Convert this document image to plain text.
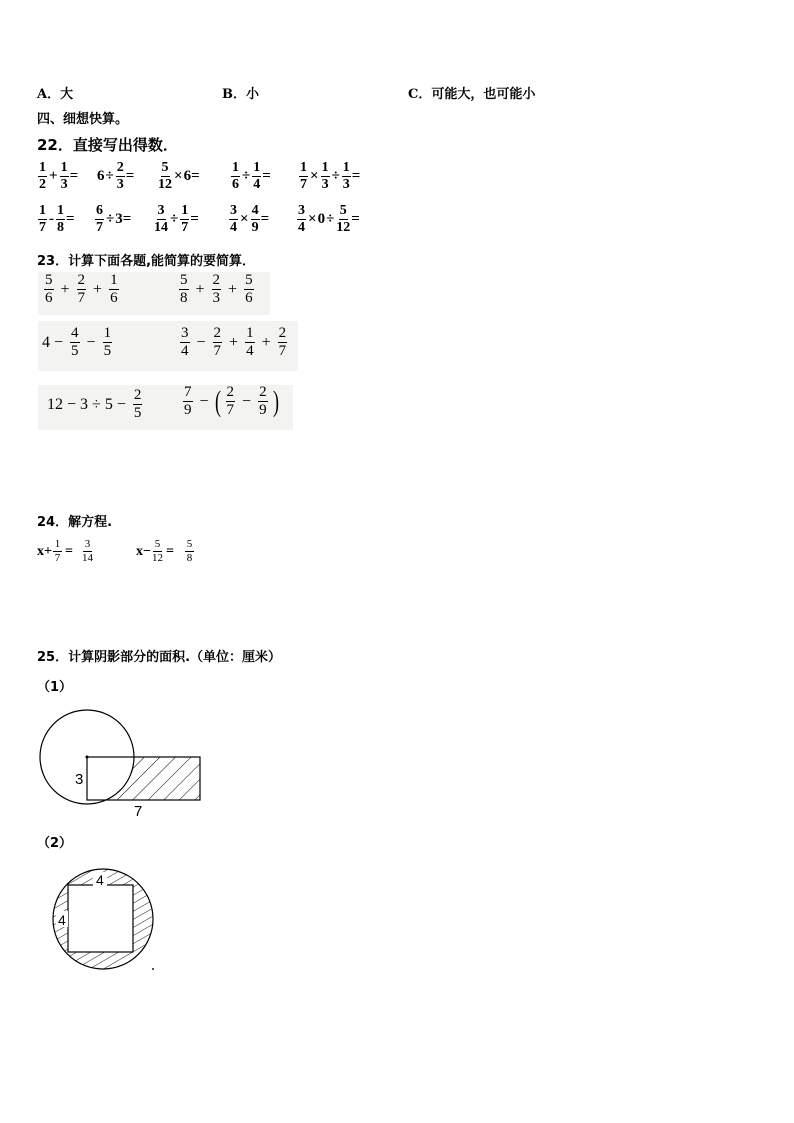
A．大	B．小	C．可能大，也可能小
四、细想快算。
22．直接写出得数．
$\frac{1}{2} + \frac{1}{3} = 6 \div \frac{2}{3} = \frac{5}{12} \times 6 = \frac{1}{6} \div \frac{1}{4} = \frac{1}{7} \times \frac{1}{3} \div \frac{1}{3}$ =
$\frac{1}{7} - \frac{1}{8} = \frac{6}{7} \div 3 = \frac{3}{14} \div \frac{1}{7} = \frac{3}{4} \times \frac{4}{9} = \frac{3}{4} \times 0 \div \frac{5}{12}$ =
23．计算下面各题,能简算的要简算．
$\frac{5}{6} + \frac{2}{7} + \frac{1}{6}$	$\frac{5}{8} + \frac{2}{3} + \frac{5}{6}$
$4 - \frac{4}{5} - \frac{1}{5}$	$\frac{3}{4} - \frac{2}{7} + \frac{1}{4} + \frac{2}{7}$
$12 - 3 \div 5 - \frac{2}{5}$	$\frac{7}{9}$ − ( $\frac{2}{7} - \frac{2}{9}$ )
24．解方程.
$x + \frac{1}{7} = \frac{3}{14}$	$x - \frac{5}{12} = \frac{5}{8}$
25．计算阴影部分的面积.（单位：厘米）
（1）
3
7
（2）
4
4
